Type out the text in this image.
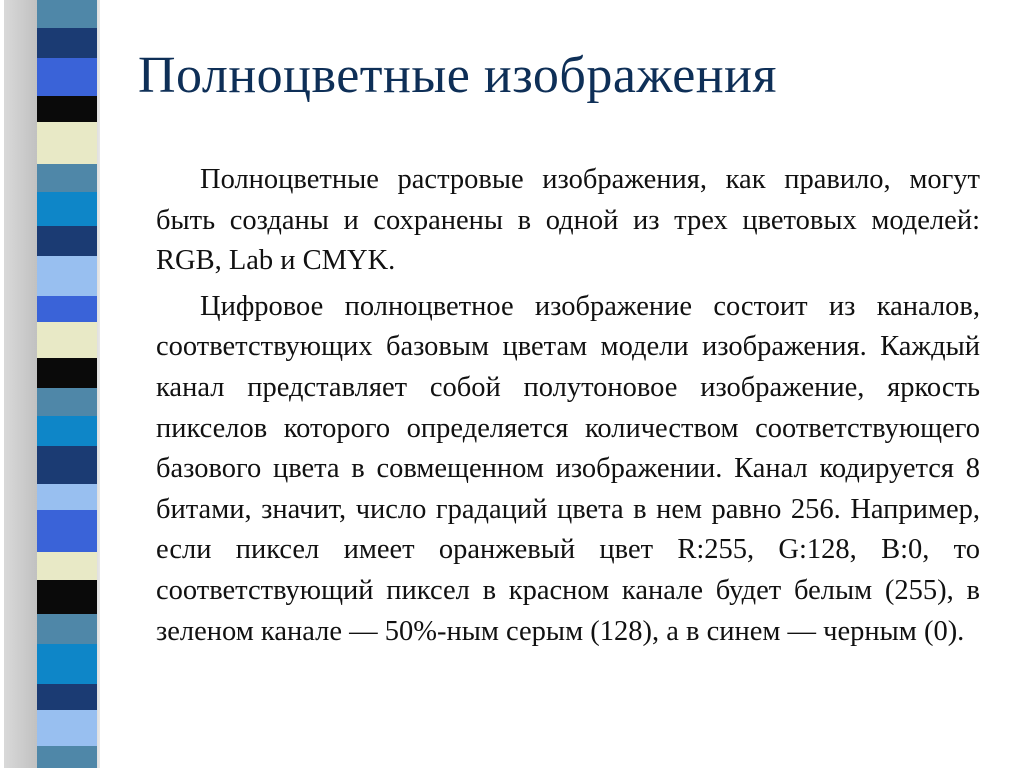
Полноцветные изображения

Полноцветные растровые изображения, как правило, могут быть созданы и сохранены в одной из трех цветовых моделей: RGB, Lab и CMYK.

Цифровое полноцветное изображение состоит из каналов, соответствующих базовым цветам модели изображения. Каждый канал представляет собой полутоновое изображение, яркость пикселов которого определяется количеством соответствующего базового цвета в совмещенном изображении. Канал кодируется 8 битами, значит, число градаций цвета в нем равно 256. Например, если пиксел имеет оранжевый цвет R:255, G:128, B:0, то соответствующий пиксел в красном канале будет белым (255), в зеленом канале — 50%-ным серым (128), а в синем — черным (0).
